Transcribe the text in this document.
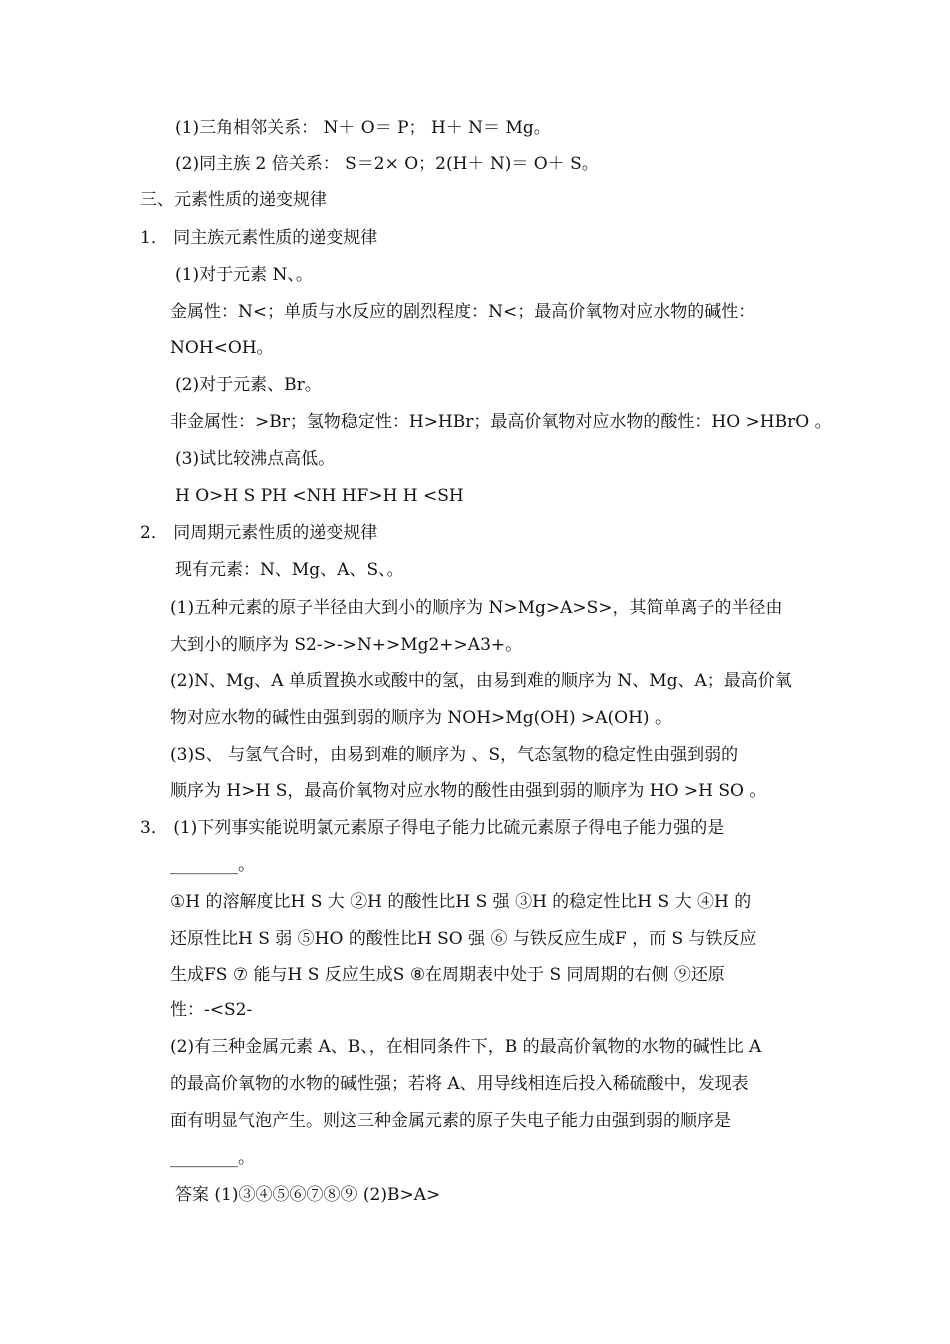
(1)三角相邻关系： N＋ O＝ P； H＋ N＝ Mg。
(2)同主族 2 倍关系： S＝2× O；2(H＋ N)＝ O＋ S。
三、元素性质的递变规律
1． 同主族元素性质的递变规律
(1)对于元素 N、。
金属性：N<；单质与水反应的剧烈程度：N<；最高价氧物对应水物的碱性：
NOH<OH。
(2)对于元素、Br。
非金属性：>Br；氢物稳定性：H>HBr；最高价氧物对应水物的酸性：HO >HBrO 。
(3)试比较沸点高低。
H O>H S PH <NH HF>H H <SH
2． 同周期元素性质的递变规律
现有元素：N、Mg、A、S、。
(1)五种元素的原子半径由大到小的顺序为 N>Mg>A>S>，其简单离子的半径由
大到小的顺序为 S2->->N+>Mg2+>A3+。
(2)N、Mg、A 单质置换水或酸中的氢，由易到难的顺序为 N、Mg、A；最高价氧
物对应水物的碱性由强到弱的顺序为 NOH>Mg(OH) >A(OH) 。
(3)S、 与氢气合时，由易到难的顺序为 、S，气态氢物的稳定性由强到弱的
顺序为 H>H S，最高价氧物对应水物的酸性由强到弱的顺序为 HO >H SO 。
3． (1)下列事实能说明氯元素原子得电子能力比硫元素原子得电子能力强的是
________。
①H 的溶解度比H S 大 ②H 的酸性比H S 强 ③H 的稳定性比H S 大 ④H 的
还原性比H S 弱 ⑤HO 的酸性比H SO 强 ⑥ 与铁反应生成F ，而 S 与铁反应
生成FS ⑦ 能与H S 反应生成S ⑧在周期表中处于 S 同周期的右侧 ⑨还原
性：-<S2-
(2)有三种金属元素 A、B、，在相同条件下，B 的最高价氧物的水物的碱性比 A
的最高价氧物的水物的碱性强；若将 A、用导线相连后投入稀硫酸中，发现表
面有明显气泡产生。则这三种金属元素的原子失电子能力由强到弱的顺序是
________。
答案 (1)③④⑤⑥⑦⑧⑨ (2)B>A>
